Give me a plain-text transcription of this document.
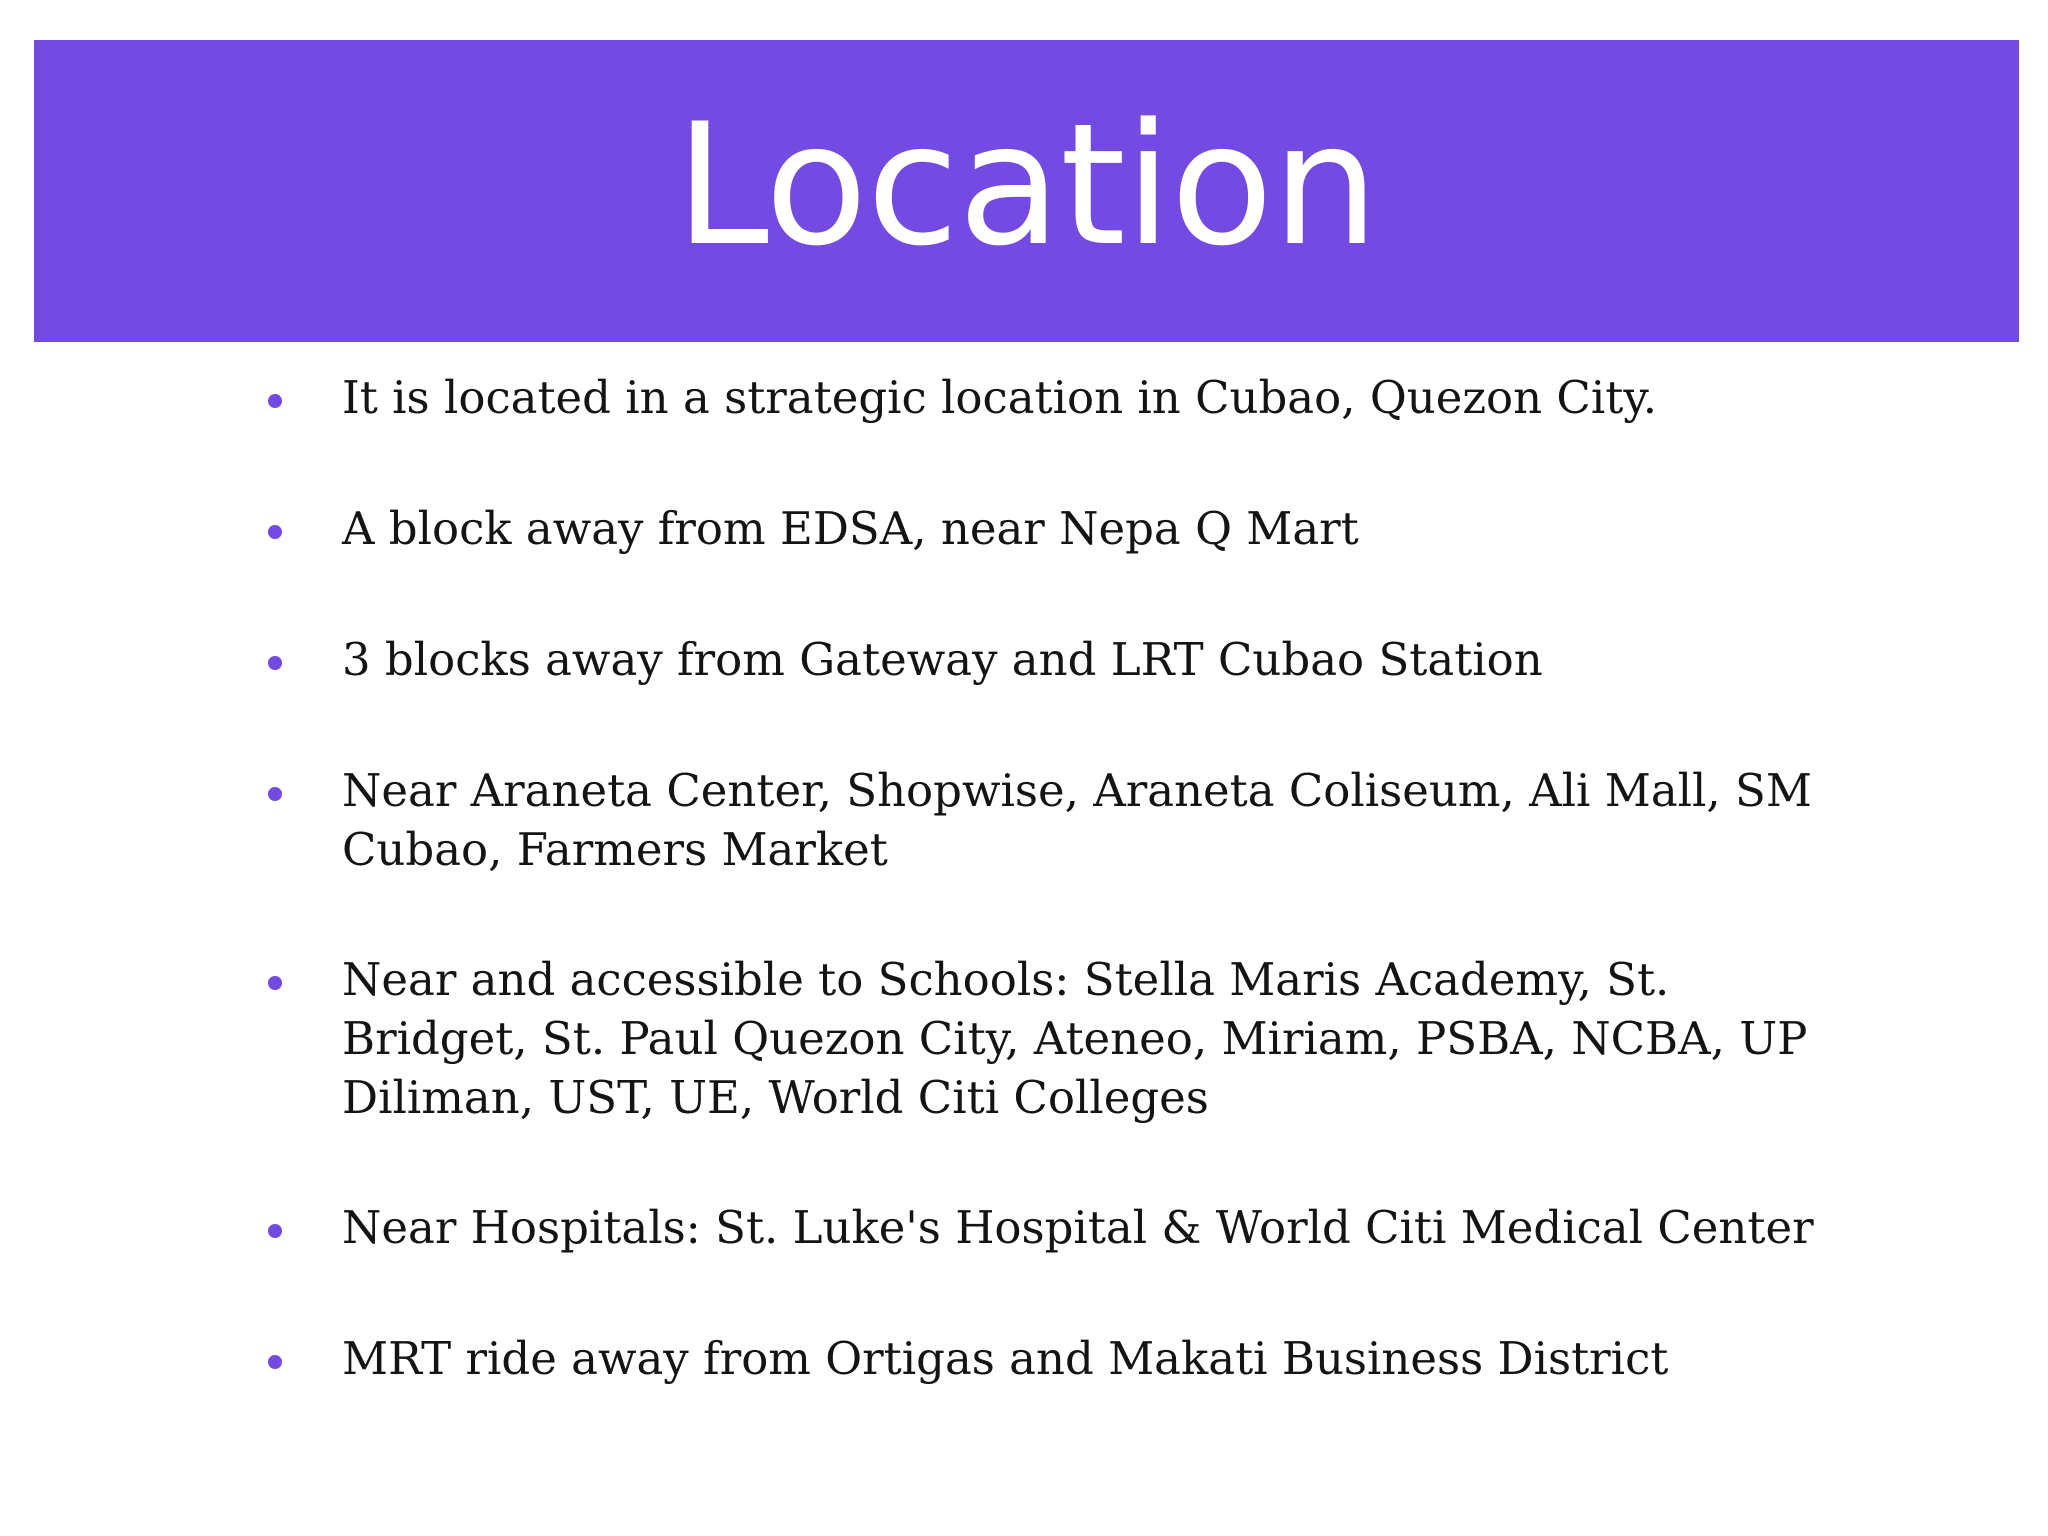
Location
It is located in a strategic location in Cubao, Quezon City.
A block away from EDSA, near Nepa Q Mart
3 blocks away from Gateway and LRT Cubao Station
Near Araneta Center, Shopwise, Araneta Coliseum, Ali Mall, SM Cubao, Farmers Market
Near and accessible to Schools: Stella Maris Academy, St. Bridget, St. Paul Quezon City, Ateneo, Miriam, PSBA, NCBA, UP Diliman, UST, UE, World Citi Colleges
Near Hospitals: St. Luke's Hospital & World Citi Medical Center
MRT ride away from Ortigas and Makati Business District
